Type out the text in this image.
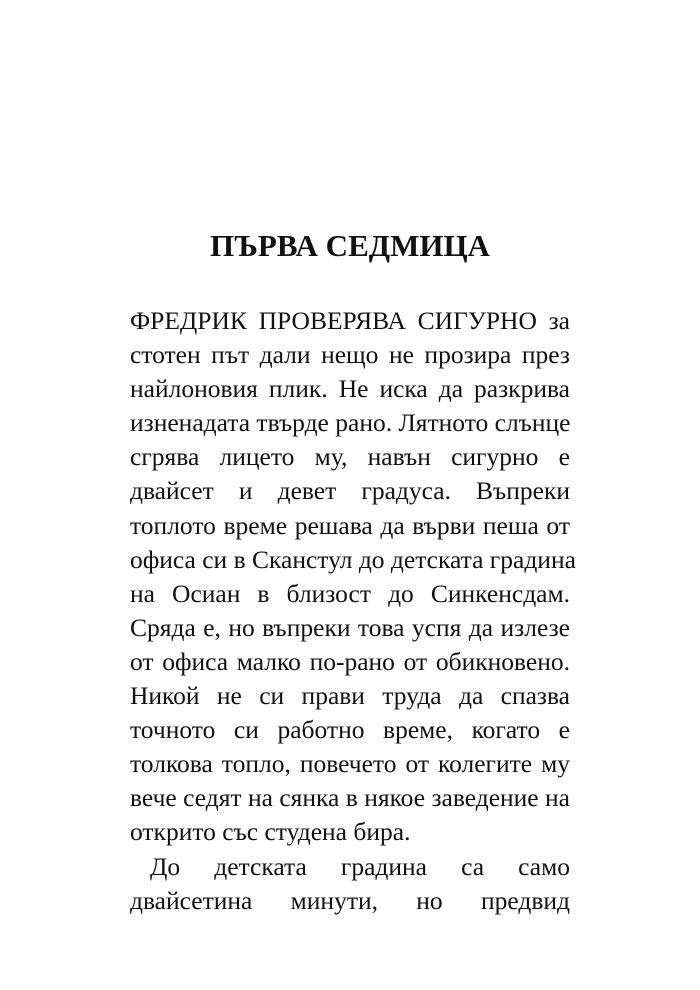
ПЪРВА СЕДМИЦА
ФРЕДРИК ПРОВЕРЯВА СИГУРНО за
стотен път дали нещо не прозира през
найлоновия плик. Не иска да разкрива
изненадата твърде рано. Лятното слънце
сгрява лицето му, навън сигурно е
двайсет и девет градуса. Въпреки
топлото време решава да върви пеша от
офиса си в Сканстул до детската градина
на Осиан в близост до Синкенсдам.
Сряда е, но въпреки това успя да излезе
от офиса малко по-рано от обикновено.
Никой не си прави труда да спазва
точното си работно време, когато е
толкова топло, повечето от колегите му
вече седят на сянка в някое заведение на
открито със студена бира.
До детската градина са само
двайсетина минути, но предвид
